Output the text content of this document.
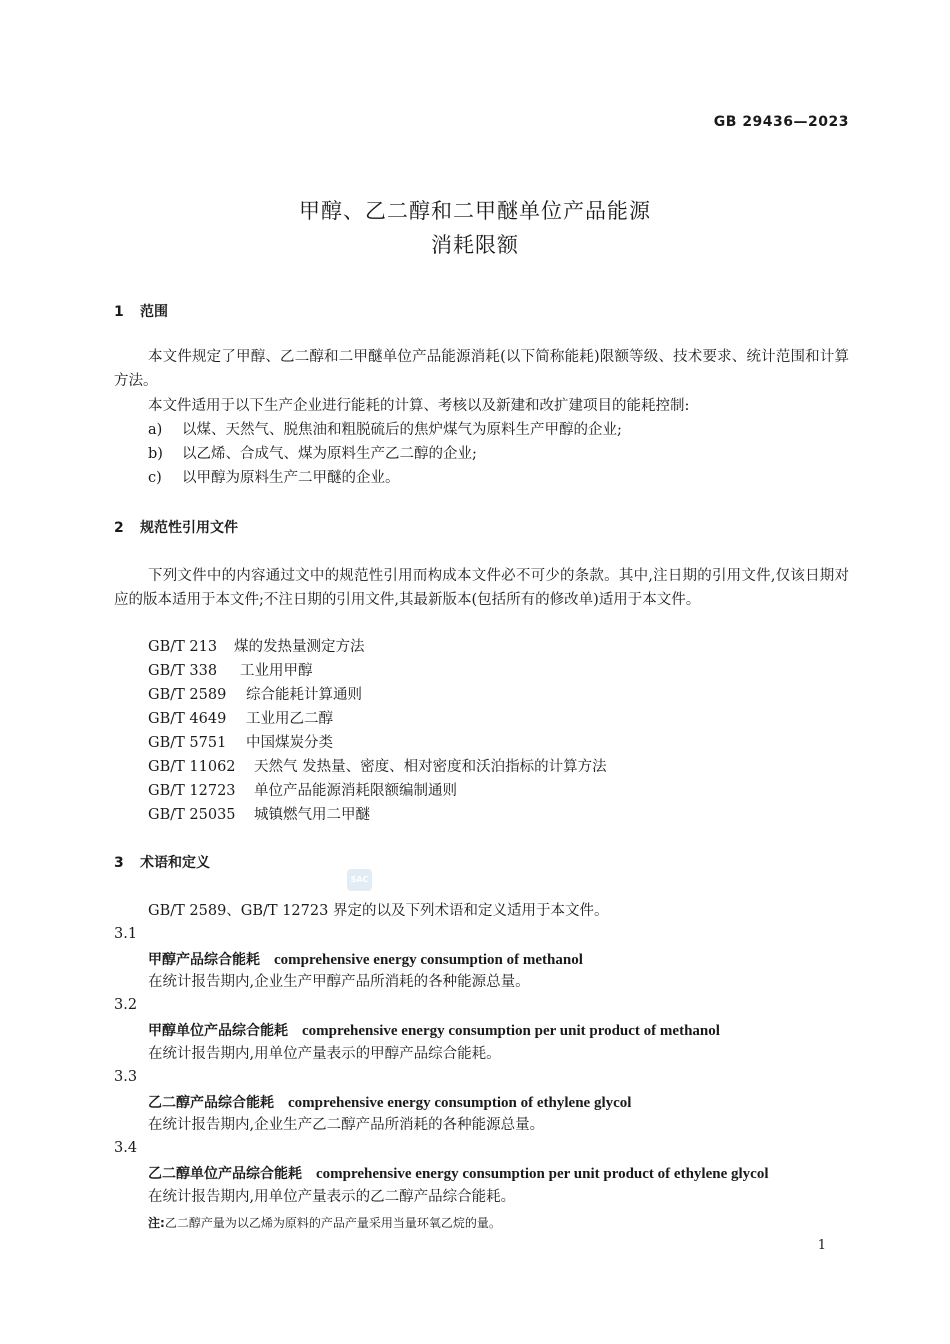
GB 29436—2023
甲醇、乙二醇和二甲醚单位产品能源
消耗限额
1 范围
本文件规定了甲醇、乙二醇和二甲醚单位产品能源消耗(以下简称能耗)限额等级、技术要求、统计范围和计算方法。
本文件适用于以下生产企业进行能耗的计算、考核以及新建和改扩建项目的能耗控制:
a) 以煤、天然气、脱焦油和粗脱硫后的焦炉煤气为原料生产甲醇的企业;
b) 以乙烯、合成气、煤为原料生产乙二醇的企业;
c) 以甲醇为原料生产二甲醚的企业。
2 规范性引用文件
下列文件中的内容通过文中的规范性引用而构成本文件必不可少的条款。其中,注日期的引用文件,仅该日期对应的版本适用于本文件;不注日期的引用文件,其最新版本(包括所有的修改单)适用于本文件。
GB/T 213 煤的发热量测定方法
GB/T 338 工业用甲醇
GB/T 2589 综合能耗计算通则
GB/T 4649 工业用乙二醇
GB/T 5751 中国煤炭分类
GB/T 11062 天然气 发热量、密度、相对密度和沃泊指标的计算方法
GB/T 12723 单位产品能源消耗限额编制通则
GB/T 25035 城镇燃气用二甲醚
3 术语和定义
SAC
GB/T 2589、GB/T 12723 界定的以及下列术语和定义适用于本文件。
3.1
甲醇产品综合能耗 comprehensive energy consumption of methanol
在统计报告期内,企业生产甲醇产品所消耗的各种能源总量。
3.2
甲醇单位产品综合能耗 comprehensive energy consumption per unit product of methanol
在统计报告期内,用单位产量表示的甲醇产品综合能耗。
3.3
乙二醇产品综合能耗 comprehensive energy consumption of ethylene glycol
在统计报告期内,企业生产乙二醇产品所消耗的各种能源总量。
3.4
乙二醇单位产品综合能耗 comprehensive energy consumption per unit product of ethylene glycol
在统计报告期内,用单位产量表示的乙二醇产品综合能耗。
注:乙二醇产量为以乙烯为原料的产品产量采用当量环氧乙烷的量。
1
